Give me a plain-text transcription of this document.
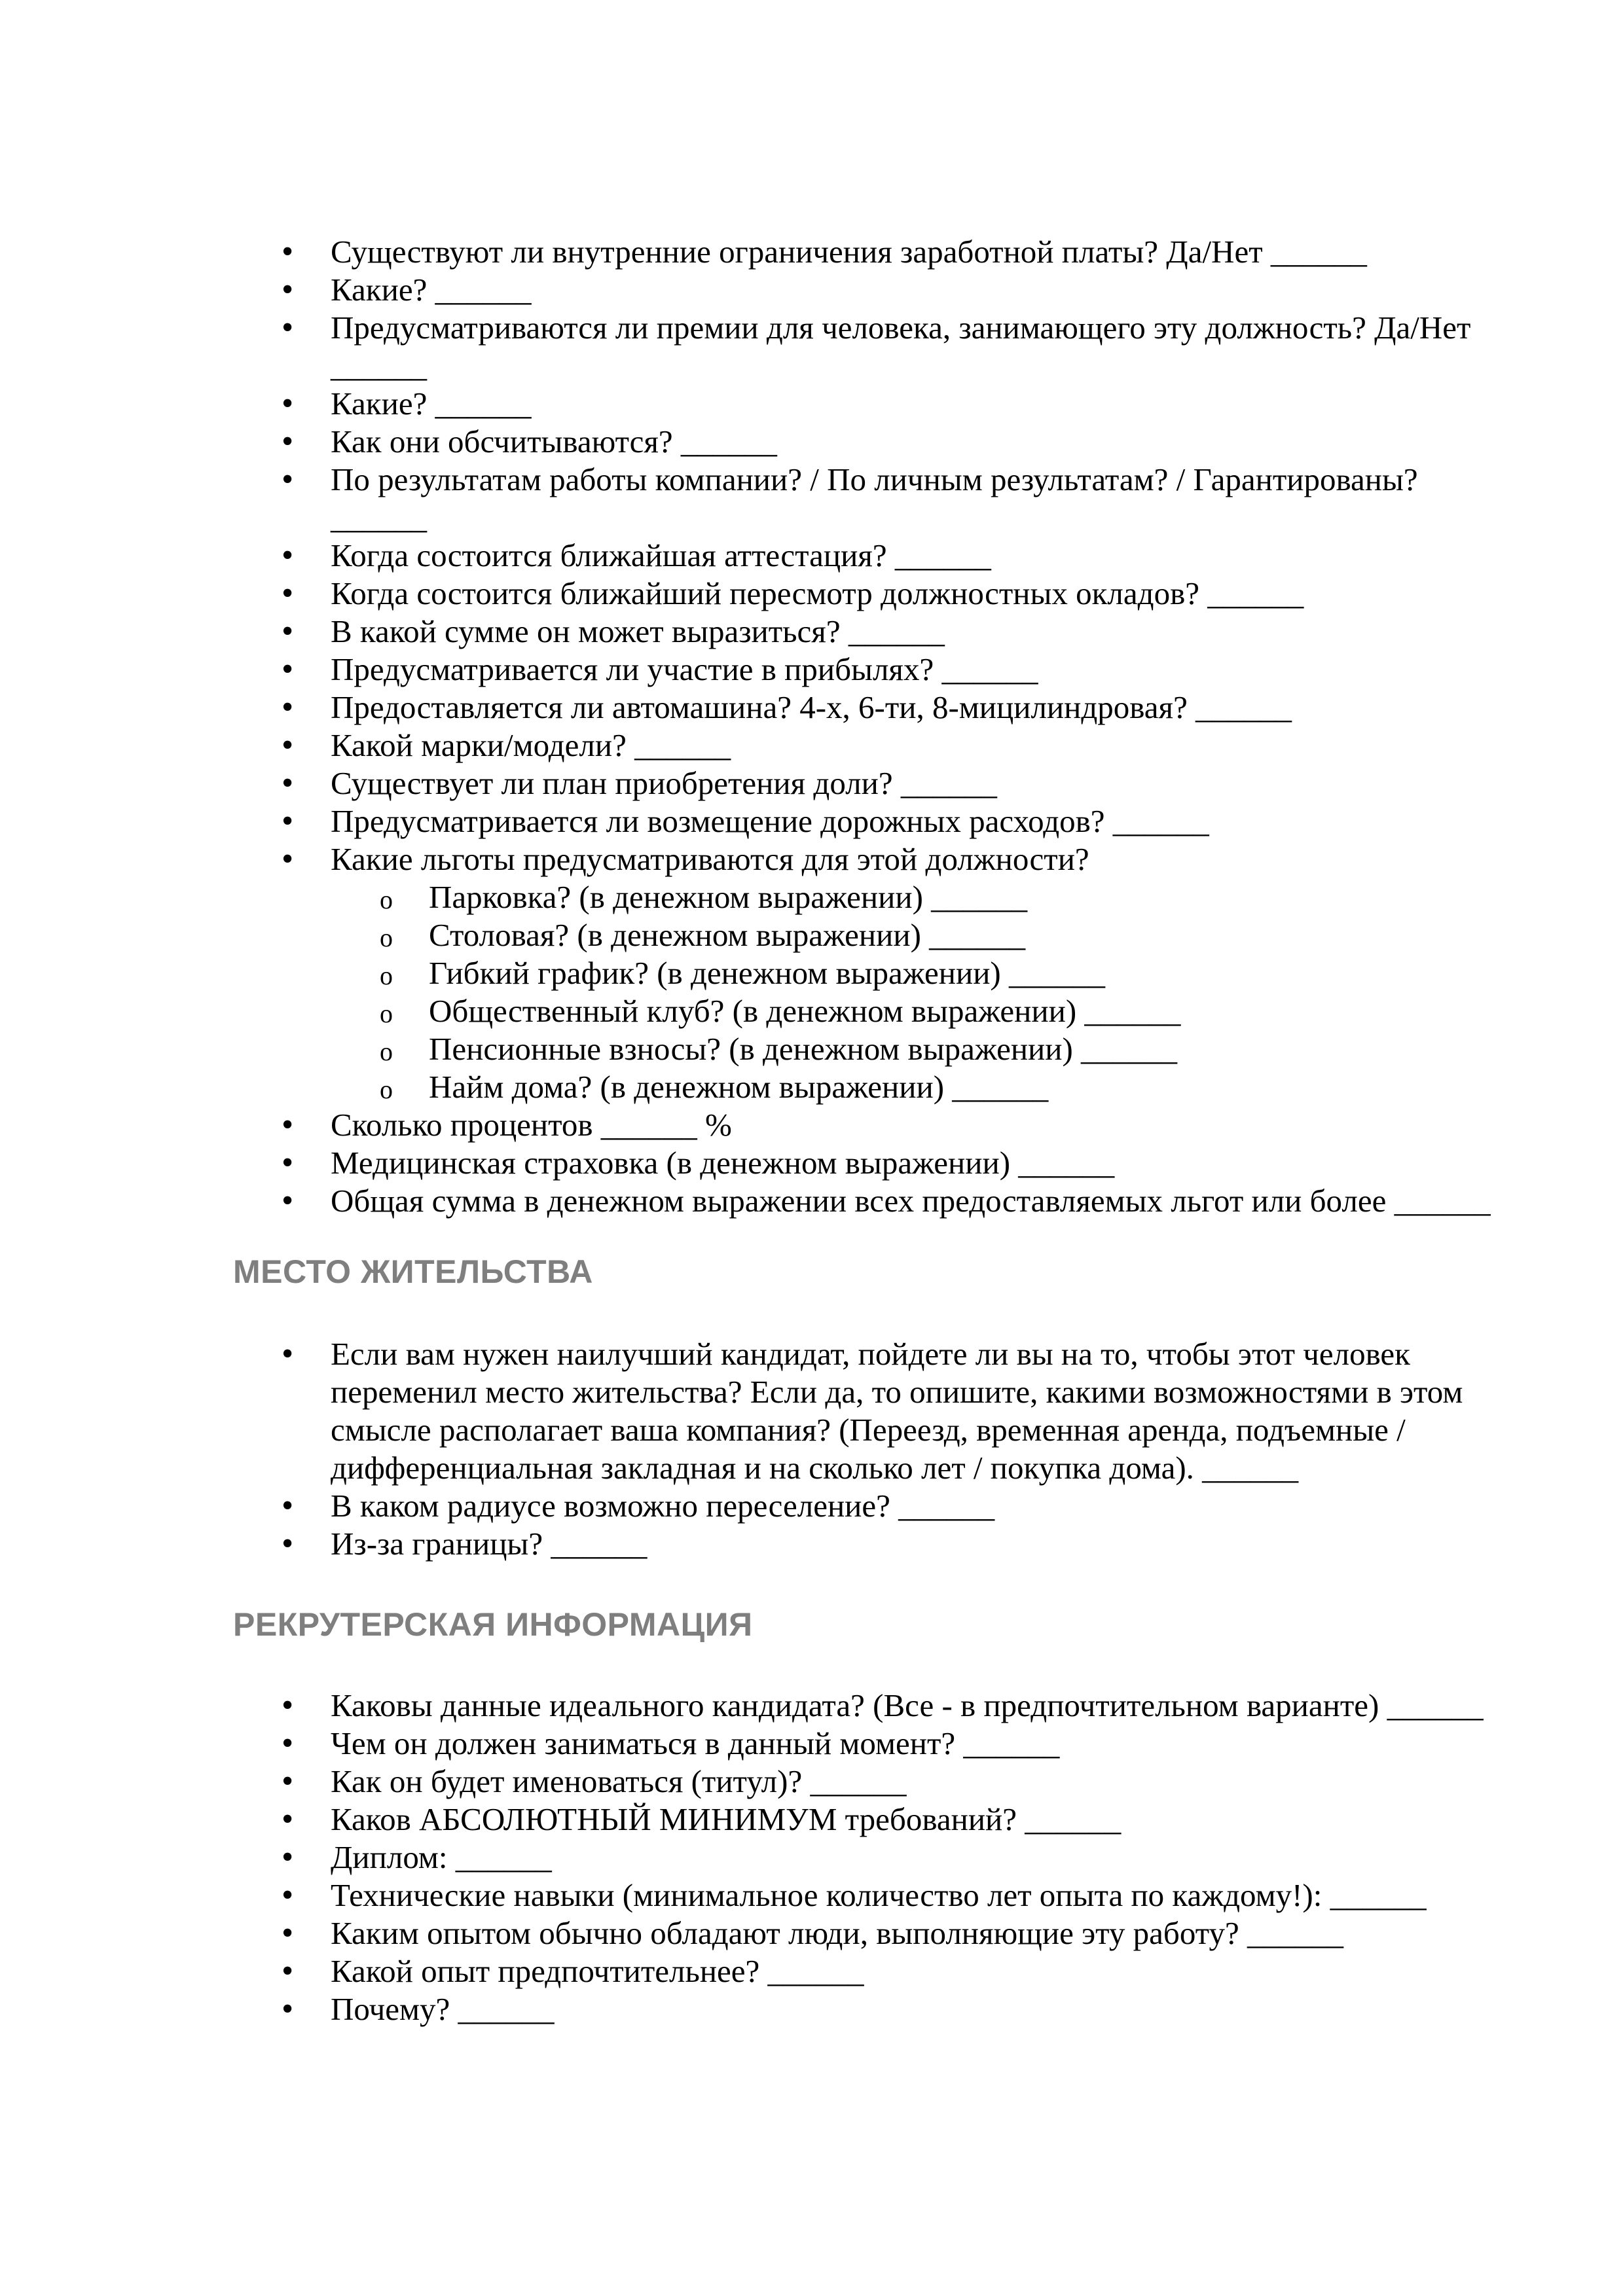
• Существуют ли внутренние ограничения заработной платы? Да/Нет ______
• Какие? ______
• Предусматриваются ли премии для человека, занимающего эту должность? Да/Нет ______
• Какие? ______
• Как они обсчитываются? ______
• По результатам работы компании? / По личным результатам? / Гарантированы? ______
• Когда состоится ближайшая аттестация? ______
• Когда состоится ближайший пересмотр должностных окладов? ______
• В какой сумме он может выразиться? ______
• Предусматривается ли участие в прибылях? ______
• Предоставляется ли автомашина? 4-х, 6-ти, 8-мицилиндровая? ______
• Какой марки/модели? ______
• Существует ли план приобретения доли? ______
• Предусматривается ли возмещение дорожных расходов? ______
• Какие льготы предусматриваются для этой должности?
o Парковка? (в денежном выражении) ______
o Столовая? (в денежном выражении) ______
o Гибкий график? (в денежном выражении) ______
o Общественный клуб? (в денежном выражении) ______
o Пенсионные взносы? (в денежном выражении) ______
o Найм дома? (в денежном выражении) ______
• Сколько процентов ______ %
• Медицинская страховка (в денежном выражении) ______
• Общая сумма в денежном выражении всех предоставляемых льгот или более ______
МЕСТО ЖИТЕЛЬСТВА
• Если вам нужен наилучший кандидат, пойдете ли вы на то, чтобы этот человек переменил место жительства? Если да, то опишите, какими возможностями в этом смысле располагает ваша компания? (Переезд, временная аренда, подъемные / дифференциальная закладная и на сколько лет / покупка дома). ______
• В каком радиусе возможно переселение? ______
• Из-за границы? ______
РЕКРУТЕРСКАЯ ИНФОРМАЦИЯ
• Каковы данные идеального кандидата? (Все - в предпочтительном варианте) ______
• Чем он должен заниматься в данный момент? ______
• Как он будет именоваться (титул)? ______
• Каков АБСОЛЮТНЫЙ МИНИМУМ требований? ______
• Диплом: ______
• Технические навыки (минимальное количество лет опыта по каждому!): ______
• Каким опытом обычно обладают люди, выполняющие эту работу? ______
• Какой опыт предпочтительнее? ______
• Почему? ______
